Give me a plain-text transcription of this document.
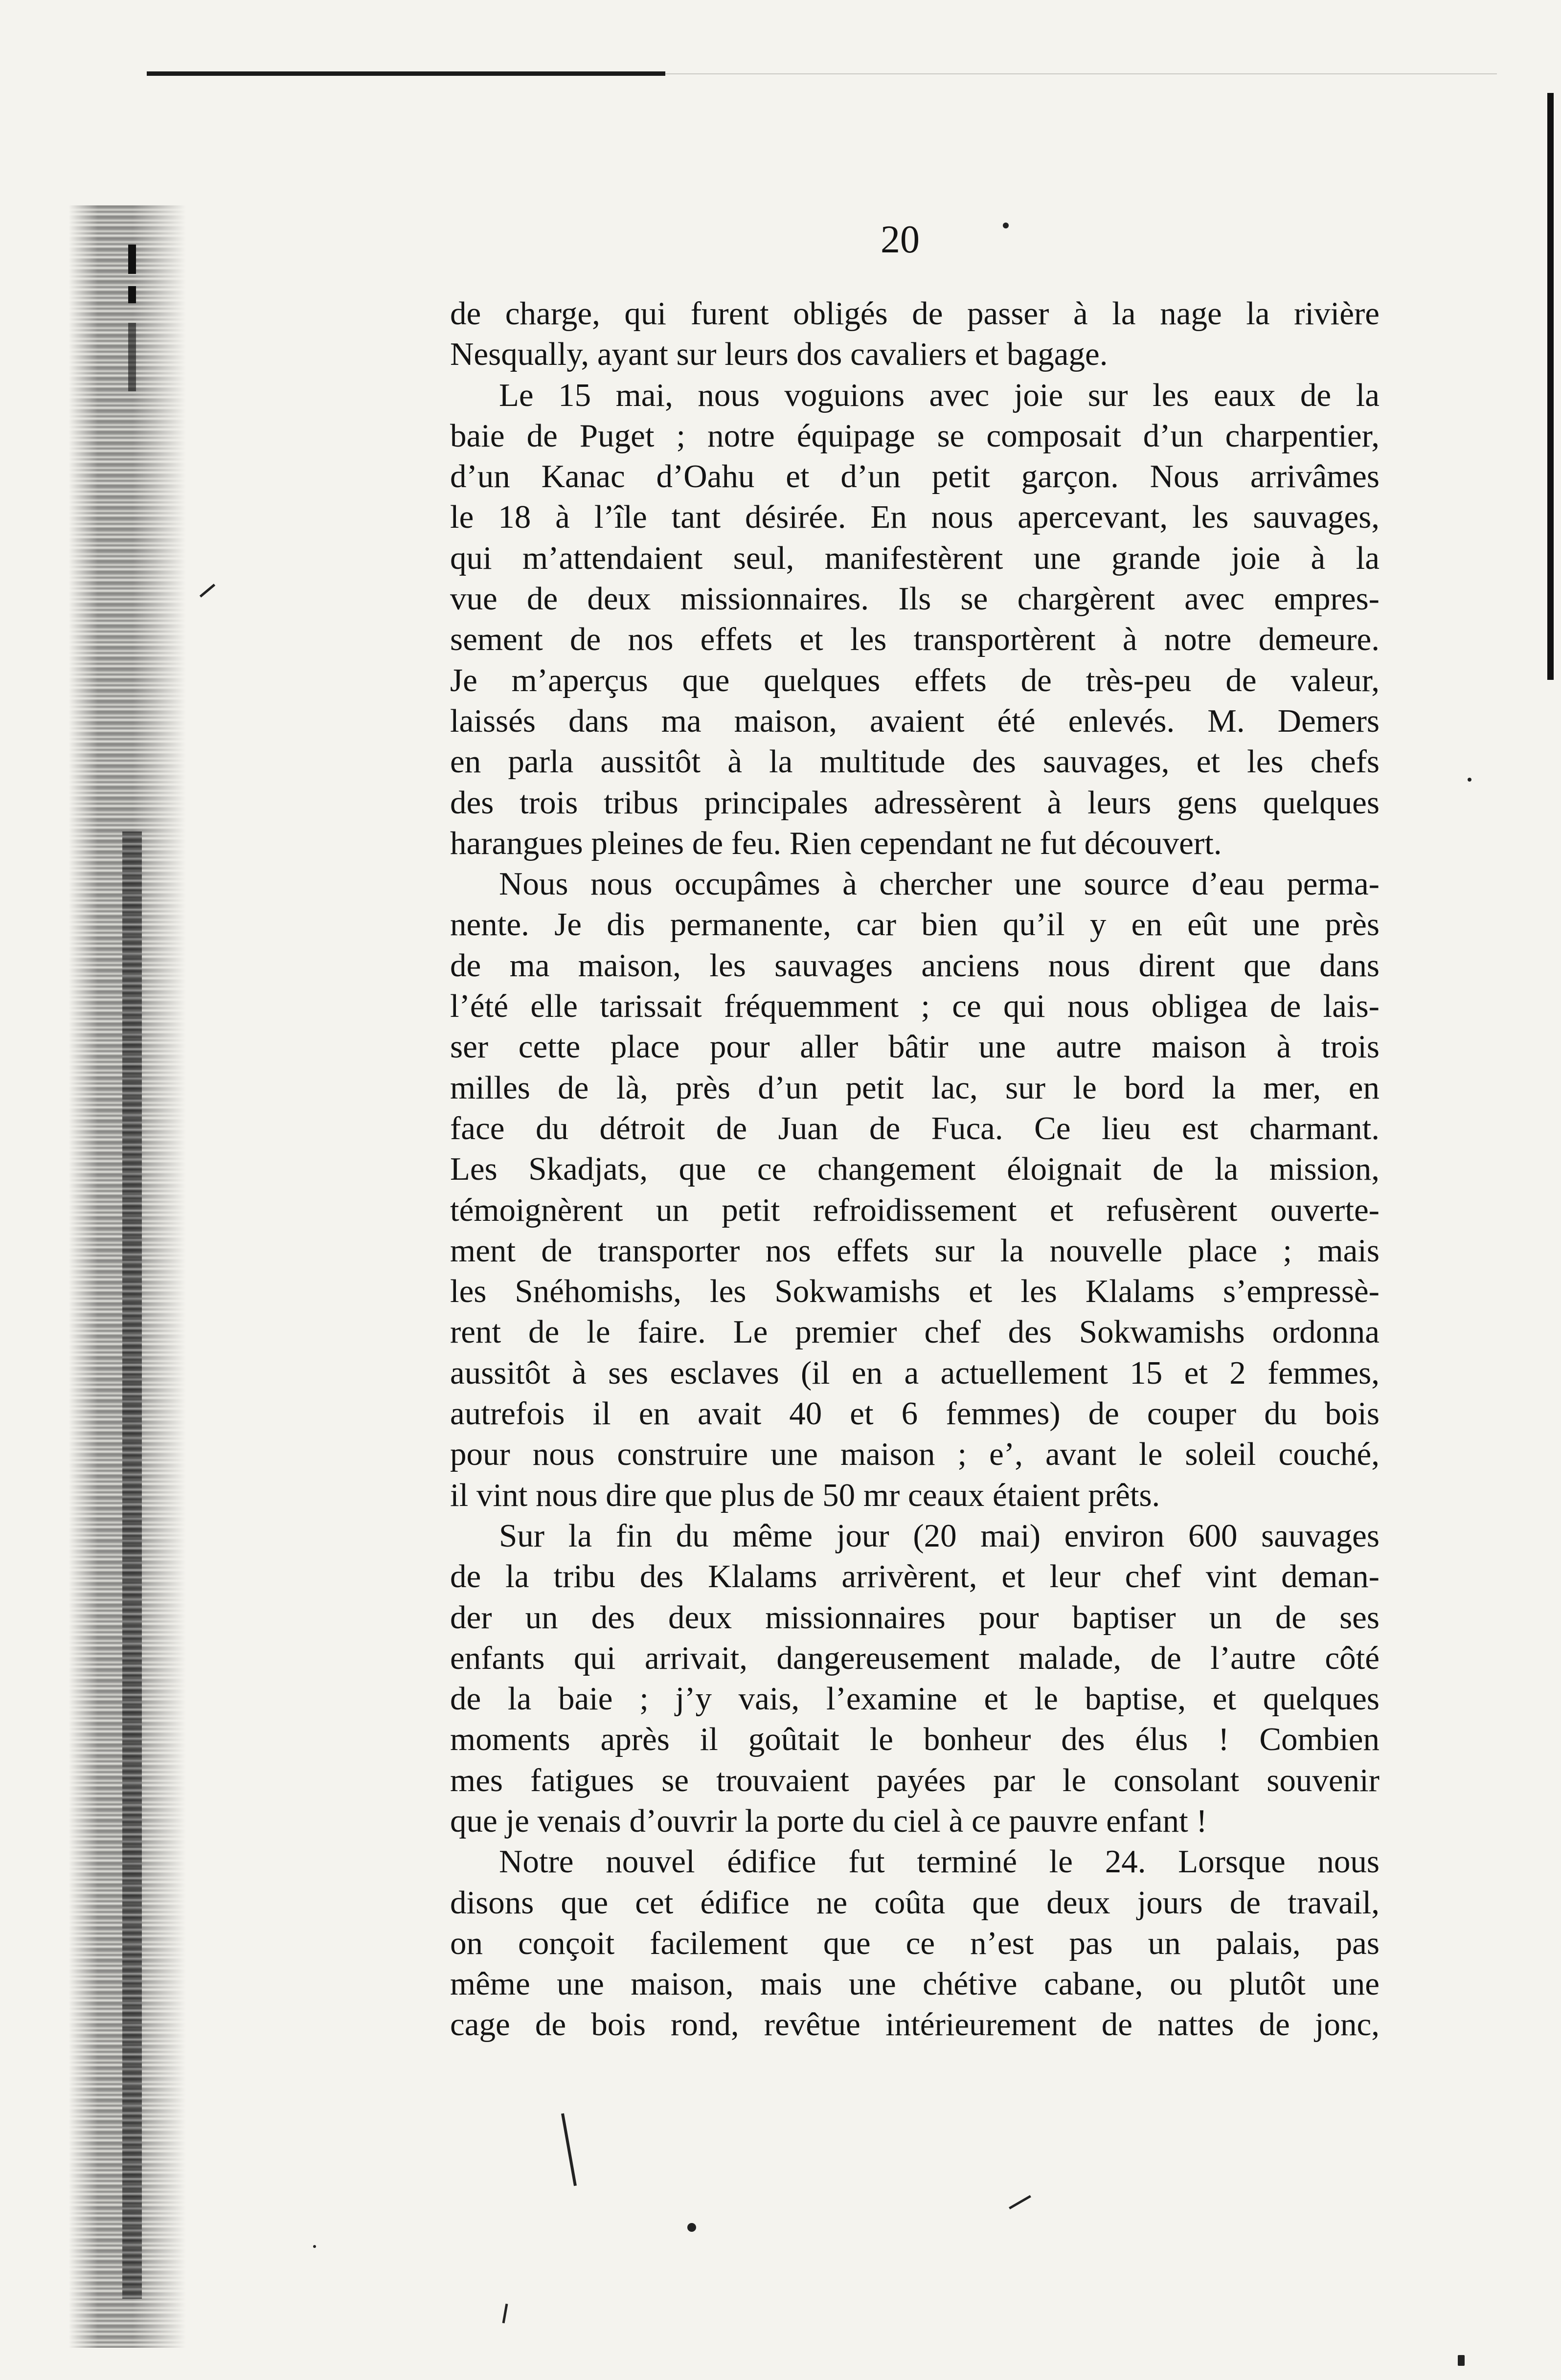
20
de charge, qui furent obligés de passer à la nage la rivière
Nesqually, ayant sur leurs dos cavaliers et bagage.
Le 15 mai, nous voguions avec joie sur les eaux de la
baie de Puget ; notre équipage se composait d’un charpentier,
d’un Kanac d’Oahu et d’un petit garçon. Nous arrivâmes
le 18 à l’île tant désirée. En nous apercevant, les sauvages,
qui m’attendaient seul, manifestèrent une grande joie à la
vue de deux missionnaires. Ils se chargèrent avec empres-
sement de nos effets et les transportèrent à notre demeure.
Je m’aperçus que quelques effets de très-peu de valeur,
laissés dans ma maison, avaient été enlevés. M. Demers
en parla aussitôt à la multitude des sauvages, et les chefs
des trois tribus principales adressèrent à leurs gens quelques
harangues pleines de feu. Rien cependant ne fut découvert.
Nous nous occupâmes à chercher une source d’eau perma-
nente. Je dis permanente, car bien qu’il y en eût une près
de ma maison, les sauvages anciens nous dirent que dans
l’été elle tarissait fréquemment ; ce qui nous obligea de lais-
ser cette place pour aller bâtir une autre maison à trois
milles de là, près d’un petit lac, sur le bord la mer, en
face du détroit de Juan de Fuca. Ce lieu est charmant.
Les Skadjats, que ce changement éloignait de la mission,
témoignèrent un petit refroidissement et refusèrent ouverte-
ment de transporter nos effets sur la nouvelle place ; mais
les Snéhomishs, les Sokwamishs et les Klalams s’empressè-
rent de le faire. Le premier chef des Sokwamishs ordonna
aussitôt à ses esclaves (il en a actuellement 15 et 2 femmes,
autrefois il en avait 40 et 6 femmes) de couper du bois
pour nous construire une maison ; e’, avant le soleil couché,
il vint nous dire que plus de 50 mr ceaux étaient prêts.
Sur la fin du même jour (20 mai) environ 600 sauvages
de la tribu des Klalams arrivèrent, et leur chef vint deman-
der un des deux missionnaires pour baptiser un de ses
enfants qui arrivait, dangereusement malade, de l’autre côté
de la baie ; j’y vais, l’examine et le baptise, et quelques
moments après il goûtait le bonheur des élus ! Combien
mes fatigues se trouvaient payées par le consolant souvenir
que je venais d’ouvrir la porte du ciel à ce pauvre enfant !
Notre nouvel édifice fut terminé le 24. Lorsque nous
disons que cet édifice ne coûta que deux jours de travail,
on conçoit facilement que ce n’est pas un palais, pas
même une maison, mais une chétive cabane, ou plutôt une
cage de bois rond, revêtue intérieurement de nattes de jonc,
